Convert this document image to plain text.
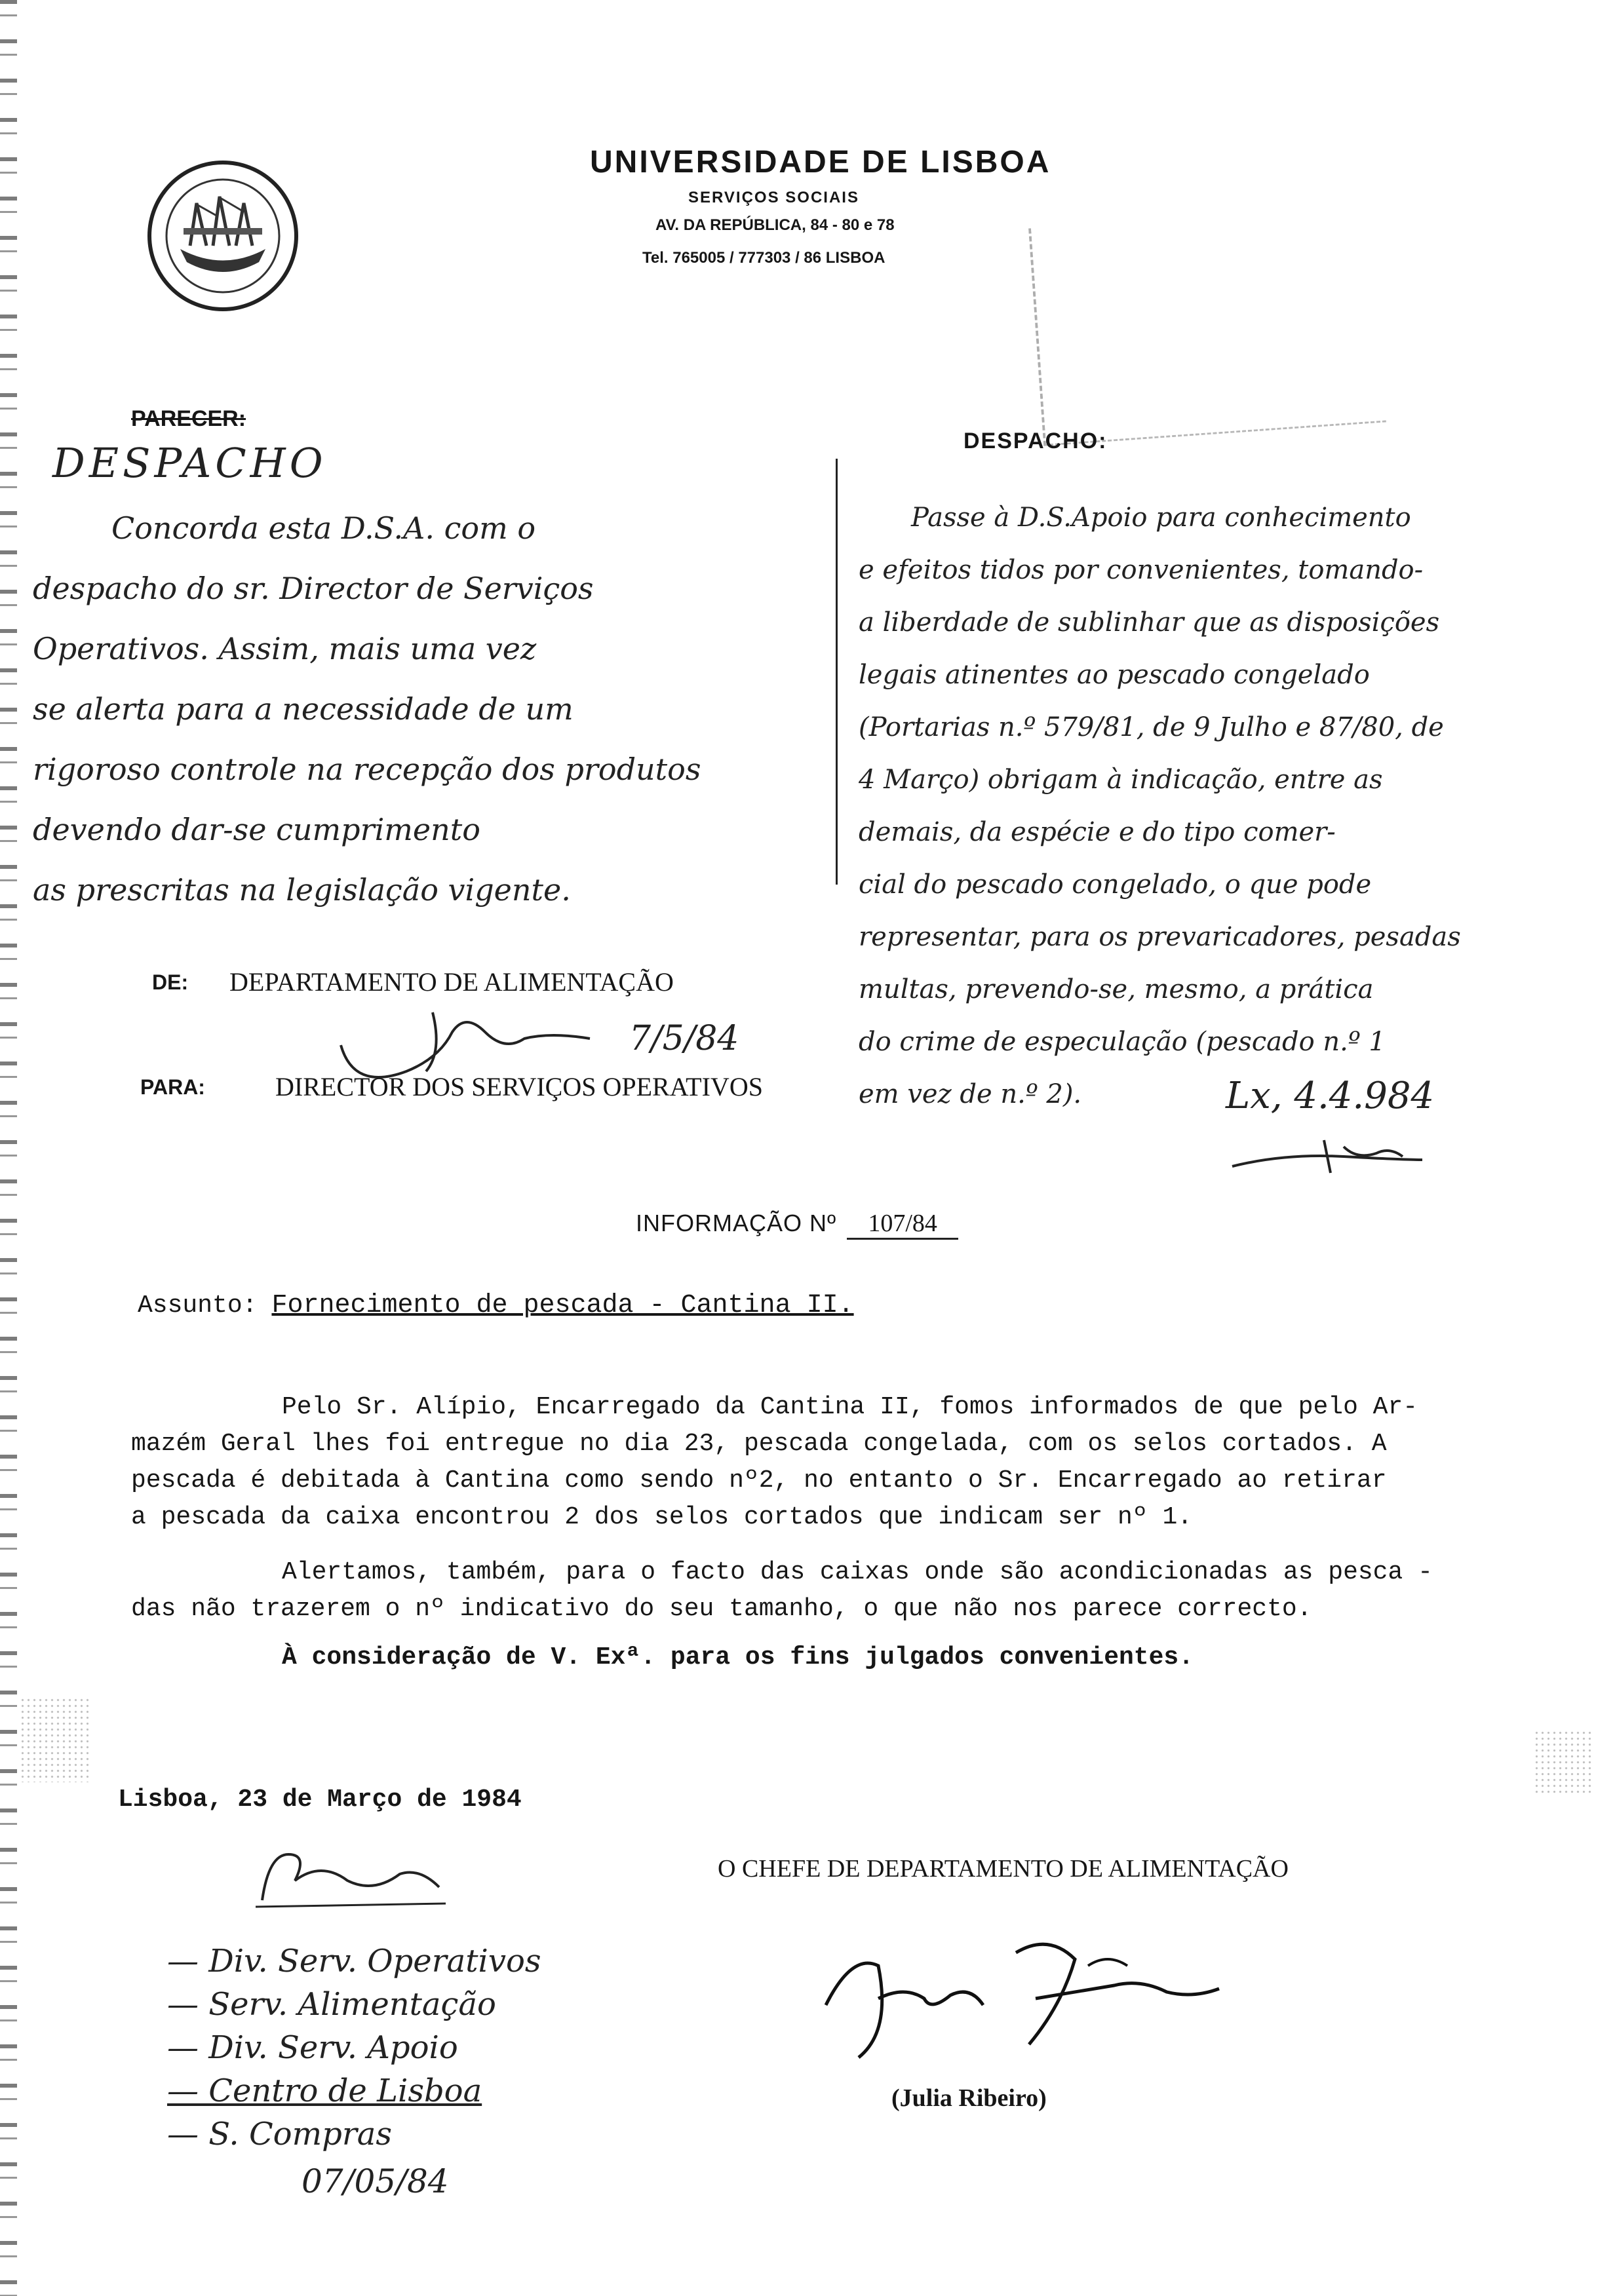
UNIVERSIDADE DE LISBOA
SERVIÇOS SOCIAIS
AV. DA REPÚBLICA, 84 - 80 e 78
Tel. 765005 / 777303 / 86 LISBOA
PARECER:
DESPACHO
Concorda esta D.S.A. com o
despacho do sr. Director de Serviços
Operativos. Assim, mais uma vez
se alerta para a necessidade de um
rigoroso controle na recepção dos produtos
devendo dar-se cumprimento
as prescritas na legislação vigente.
DESPACHO:
Passe à D.S.Apoio para conhecimento
e efeitos tidos por convenientes, tomando-
a liberdade de sublinhar que as disposições
legais atinentes ao pescado congelado
(Portarias n.º 579/81, de 9 Julho e 87/80, de
4 Março) obrigam à indicação, entre as
demais, da espécie e do tipo comer-
cial do pescado congelado, o que pode
representar, para os prevaricadores, pesadas
multas, prevendo-se, mesmo, a prática
do crime de especulação (pescado n.º 1
em vez de n.º 2).	Lx, 4.4.984
DE: DEPARTAMENTO DE ALIMENTAÇÃO
7/5/84
PARA:	DIRECTOR DOS SERVIÇOS OPERATIVOS
INFORMAÇÃO Nº 107/84
Assunto: Fornecimento de pescada - Cantina II.
Pelo Sr. Alípio, Encarregado da Cantina II, fomos informados de que pelo Ar-
mazém Geral lhes foi entregue no dia 23, pescada congelada, com os selos cortados. A
pescada é debitada à Cantina como sendo nº2, no entanto o Sr. Encarregado ao retirar
a pescada da caixa encontrou 2 dos selos cortados que indicam ser nº 1.
Alertamos, também, para o facto das caixas onde são acondicionadas as pesca -
das não trazerem o nº indicativo do seu tamanho, o que não nos parece correcto.
À consideração de V. Exª. para os fins julgados convenientes.
Lisboa, 23 de Março de 1984
O CHEFE DE DEPARTAMENTO DE ALIMENTAÇÃO
(Julia Ribeiro)
— Div. Serv. Operativos
— Serv. Alimentação
— Div. Serv. Apoio
— Centro de Lisboa
— S. Compras
07/05/84
